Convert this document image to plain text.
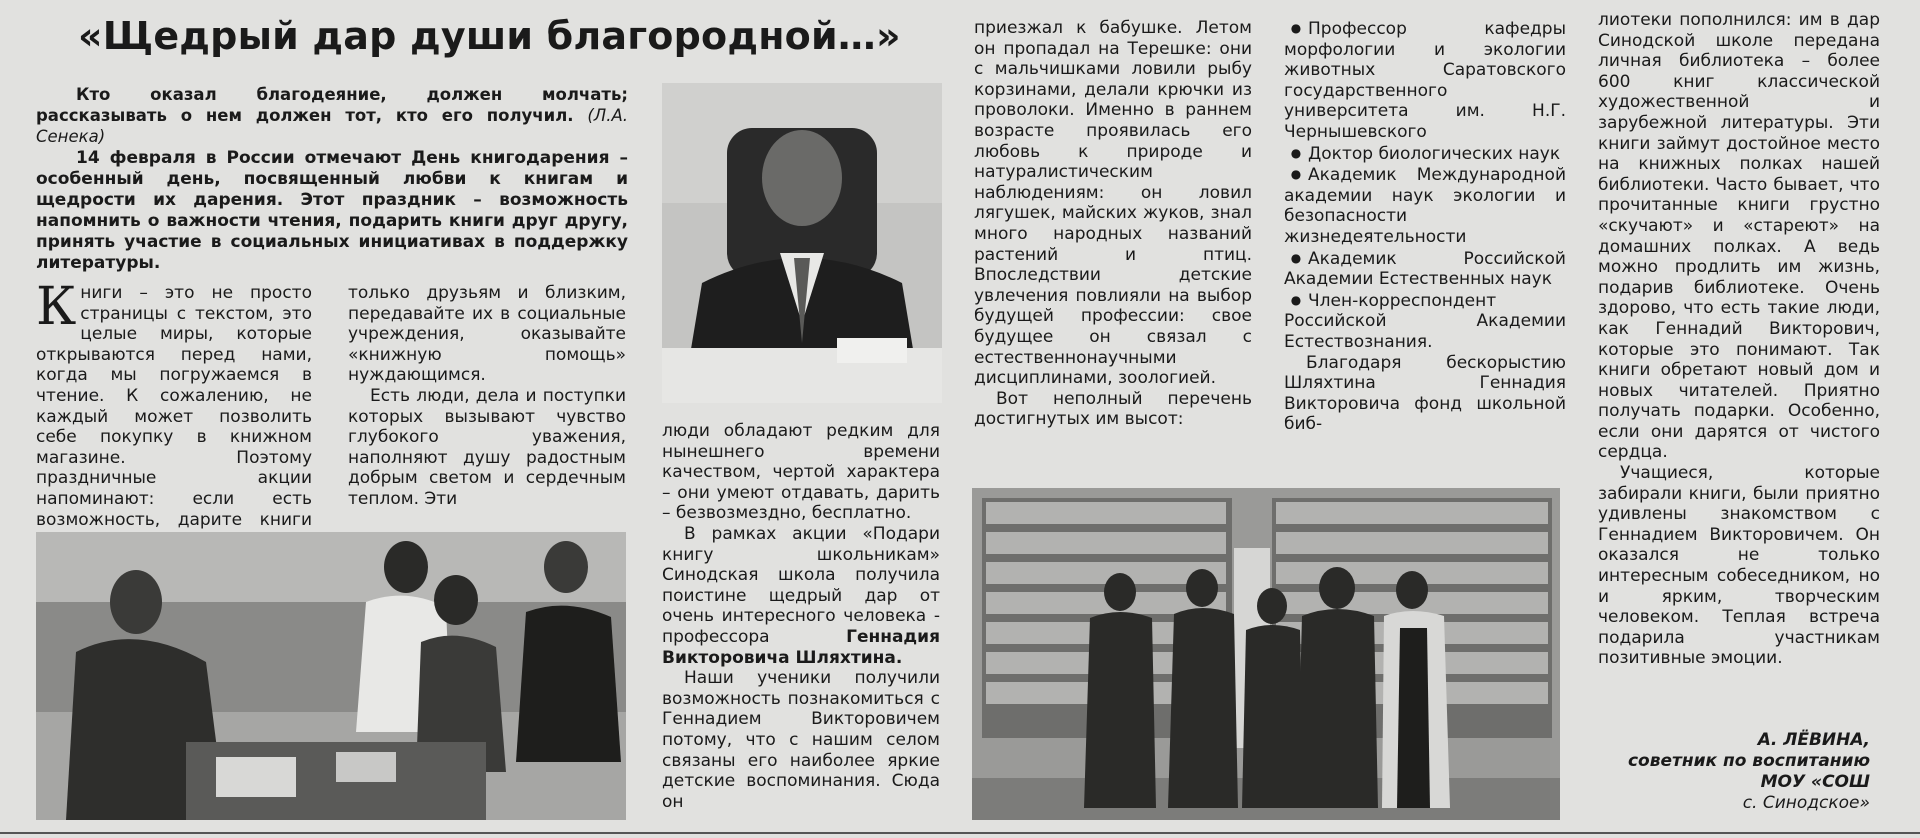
«Щедрый дар души благородной…»
Кто оказал благодеяние, должен молчать; рассказывать о нем должен тот, кто его получил. (Л.А. Сенека)
14 февраля в России отмечают День книгодарения – особенный день, посвященный любви к книгам и щедрости их дарения. Этот праздник – возможность напомнить о важности чтения, подарить книги друг другу, принять участие в социальных инициативах в поддержку литературы.

Книги – это не просто страницы с текстом, это целые миры, которые открываются перед нами, когда мы погружаемся в чтение. К сожалению, не каждый может позволить себе покупку в книжном магазине. Поэтому праздничные акции напоминают: если есть возможность, дарите книги

только друзьям и близким, передавайте их в социальные учреждения, оказывайте «книжную помощь» нуждающимся.

Есть люди, дела и поступки которых вызывают чувство глубокого уважения, наполняют душу радостным добрым светом и сердечным теплом. Эти

люди обладают редким для нынешнего времени качеством, чертой характера – они умеют отдавать, дарить – безвозмездно, бесплатно.

В рамках акции «Подари книгу школьникам» Синодская школа получила поистине щедрый дар от очень интересного человека - профессора Геннадия Викторовича Шляхтина.

Наши ученики получили возможность познакомиться с Геннадием Викторовичем потому, что с нашим селом связаны его наиболее яркие детские воспоминания. Сюда он

приезжал к бабушке. Летом он пропадал на Терешке: они с мальчишками ловили рыбу корзинами, делали крючки из проволоки. Именно в раннем возрасте проявилась его любовь к природе и натуралистическим наблюдениям: он ловил лягушек, майских жуков, знал много народных названий растений и птиц. Впоследствии детские увлечения повлияли на выбор будущей профессии: свое будущее он связал с естественнонаучными дисциплинами, зоологией.

Вот неполный перечень достигнутых им высот:

● Профессор кафедры морфологии и экологии животных Саратовского государственного университета им. Н.Г. Чернышевского
● Доктор биологических наук
● Академик Международной академии наук экологии и безопасности жизнедеятельности
● Академик Российской Академии Естественных наук
● Член-корреспондент Российской Академии Естествознания.

Благодаря бескорыстию Шляхтина Геннадия Викторовича фонд школьной биб-

лиотеки пополнился: им в дар Синодской школе передана личная библиотека – более 600 книг классической художественной и зарубежной литературы. Эти книги займут достойное место на книжных полках нашей библиотеки. Часто бывает, что прочитанные книги грустно «скучают» и «стареют» на домашних полках. А ведь можно продлить им жизнь, подарив библиотеке. Очень здорово, что есть такие люди, как Геннадий Викторович, которые это понимают. Так книги обретают новый дом и новых читателей. Приятно получать подарки. Особенно, если они дарятся от чистого сердца.

Учащиеся, которые забирали книги, были приятно удивлены знакомством с Геннадием Викторовичем. Он оказался не только интересным собеседником, но и ярким, творческим человеком. Теплая встреча подарила участникам позитивные эмоции.

А. ЛЁВИНА,
советник по воспитанию
МОУ «СОШ
с. Синодское»
